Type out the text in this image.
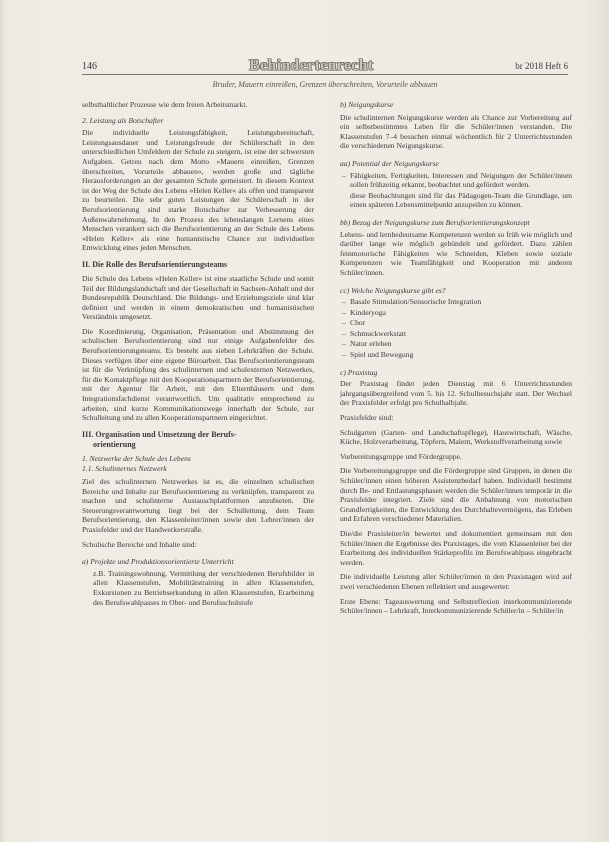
146	Behindertenrecht	br 2018 Heft 6
Bruder, Mauern einreißen, Grenzen überschreiten, Vorurteile abbauen

selbsthaltlicher Prozesse wie dem freien Arbeitsmarkt.

2. Leistung als Botschafter

Die individuelle Leistungsfähigkeit, Leistungsbereitschaft, Leistungsausdauer und Leistungsfreude der Schülerschaft in den unterschiedlichen Umfeldern der Schule zu steigern, ist eine der schwersten Aufgaben. Getreu nach dem Motto »Mauern einreißen, Grenzen überschreiten, Vorurteile abbauen«, werden große und tägliche Herausforderungen an der gesamten Schule gemeistert. In diesem Kontext ist der Weg der Schule des Lebens »Helen Keller« als offen und transparent zu beurteilen. Die sehr guten Leistungen der Schülerschaft in der Berufsorientierung sind starke Botschafter zur Verbesserung der Außenwahrnehmung. In den Prozess des lebenslangen Lernens eines Menschen verankert sich die Berufsorientierung an der Schule des Lebens »Helen Keller« als eine humanistische Chance zur individuellen Entwicklung eines jeden Menschen.

II. Die Rolle des Berufsorientierungsteams

Die Schule des Lebens »Helen Keller« ist eine staatliche Schule und somit Teil der Bildungslandschaft und der Gesellschaft in Sachsen-Anhalt und der Bundesrepublik Deutschland. Die Bildungs- und Erziehungsziele sind klar definiert und werden in einem demokratischen und humanistischen Verständnis umgesetzt.

Die Koordinierung, Organisation, Präsentation und Abstimmung der schulischen Berufsorientierung sind nur einige Aufgabenfelder des Berufsorientierungsteams. Es besteht aus sieben Lehrkräften der Schule. Dieses verfügen über eine eigene Büroarbeit. Das Berufsorientierungsteam ist für die Verknüpfung des schulinternen und schulexternen Netzwerkes, für die Kontaktpflege mit den Kooperationspartnern der Berufsorientierung, mit der Agentur für Arbeit, mit den Elternhäusern und dem Integrationsfachdienst verantwortlich. Um qualitativ entsprechend zu arbeiten, sind kurze Kommunikationswege innerhalb der Schule, zur Schulleitung und zu allen Kooperationspartnern eingerichtet.

III. Organisation und Umsetzung der Berufs-
orientierung
1. Netzwerke der Schule des Lebens
1.1. Schulinternes Netzwerk

Ziel des schulinternen Netzwerkes ist es, die einzelnen schulischen Bereiche und Inhalte zur Berufsorientierung zu verknüpfen, transparent zu machen und schulinterne Austauschplattformen anzubieten. Die Steuerungsverantwortung liegt bei der Schulleitung, dem Team Berufsorientierung, den Klassenleiter/innen sowie den Lehrer/innen der Praxisfelder und der Handwerkerstraße.

Schulische Bereiche und Inhalte sind:

a) Projekte und Produktionsorientierte Unterricht

z.B. Trainingswohnung, Vermittlung der verschiedenen Berufsbilder in allen Klassenstufen, Mobilitätstraining in allen Klassenstufen, Exkursionen zu Betriebserkundung in allen Klassenstufen, Erarbeitung des Berufswahlpasses in Ober- und Berufsschulstufe

b) Neigungskurse

Die schulinternen Neigungskurse werden als Chance zur Vorbereitung auf ein selbstbestimmtes Leben für die Schüler/innen verstanden. Die Klassenstufen 7–4 besuchen einmal wöchentlich für 2 Unterrichtsstunden die verschiedenen Neigungskurse.

aa) Potential der Neigungskurse
– Fähigkeiten, Fertigkeiten, Interessen und Neigungen der Schüler/innen sollen frühzeitig erkannt, beobachtet und gefördert werden.
diese Beobachtungen sind für das Pädagogen-Team die Grundlage, um einen späteren Lebensmittelpunkt anzupeilen zu können.
bb) Bezug der Neigungskurse zum Berufsorientierungskonzept

Lebens- und lernbedeutsame Kompetenzen werden so früh wie möglich und darüber lange wie möglich gebündelt und gefördert. Dazu zählen feinmotorische Fähigkeiten wie Schneiden, Kleben sowie soziale Kompetenzen wie Teamfähigkeit und Kooperation mit anderen Schüler/innen.

cc) Welche Neigungskurse gibt es?
– Basale Stimulation/Sensorische Integration
– Kinderyoga
– Chor
– Schmuckwerkstatt
– Natur erleben
– Spiel und Bewegung
c) Praxistag

Der Praxistag findet jeden Dienstag mit 6 Unterrichtsstunden jahrgangsübergreifend vom 5. bis 12. Schulbesuchsjahr statt. Der Wechsel der Praxisfelder erfolgt pro Schulhalbjahr.

Praxisfelder sind:

Schulgarten (Garten- und Landschaftspflege), Hauswirtschaft, Wäsche, Küche, Holzverarbeitung, Töpfern, Malern, Werkstoffverarbeitung sowie

Vorbereitungsgruppe und Fördergruppe.

Die Vorbereitungsgruppe und die Fördergruppe sind Gruppen, in denen die Schüler/innen einen höheren Assistenzbedarf haben. Individuell bestimmt durch Be- und Entlastungsphasen werden die Schüler/innen temporär in die Praxisfelder integriert. Ziele sind die Anbahnung von motorischen Grundfertigkeiten, die Entwicklung des Durchhaltevermögens, das Erleben und Erfahren verschiedener Materialien.

Die/die Praxisleiter/in bewertet und dokumentiert gemeinsam mit den Schüler/innen die Ergebnisse des Praxistages, die vom Klassenleiter bei der Erarbeitung des individuellen Stärkeprofils im Berufswahlpass eingebracht werden.

Die individuelle Leistung aller Schüler/innen in den Praxistagen wird auf zwei verschiedenen Ebenen reflektiert und ausgewertet:

Erste Ebene: Tageauswertung und Selbstreflexion interkommunizierende Schüler/innen – Lehrkraft, Interkommunizierende Schüler/in – Schüler/in
